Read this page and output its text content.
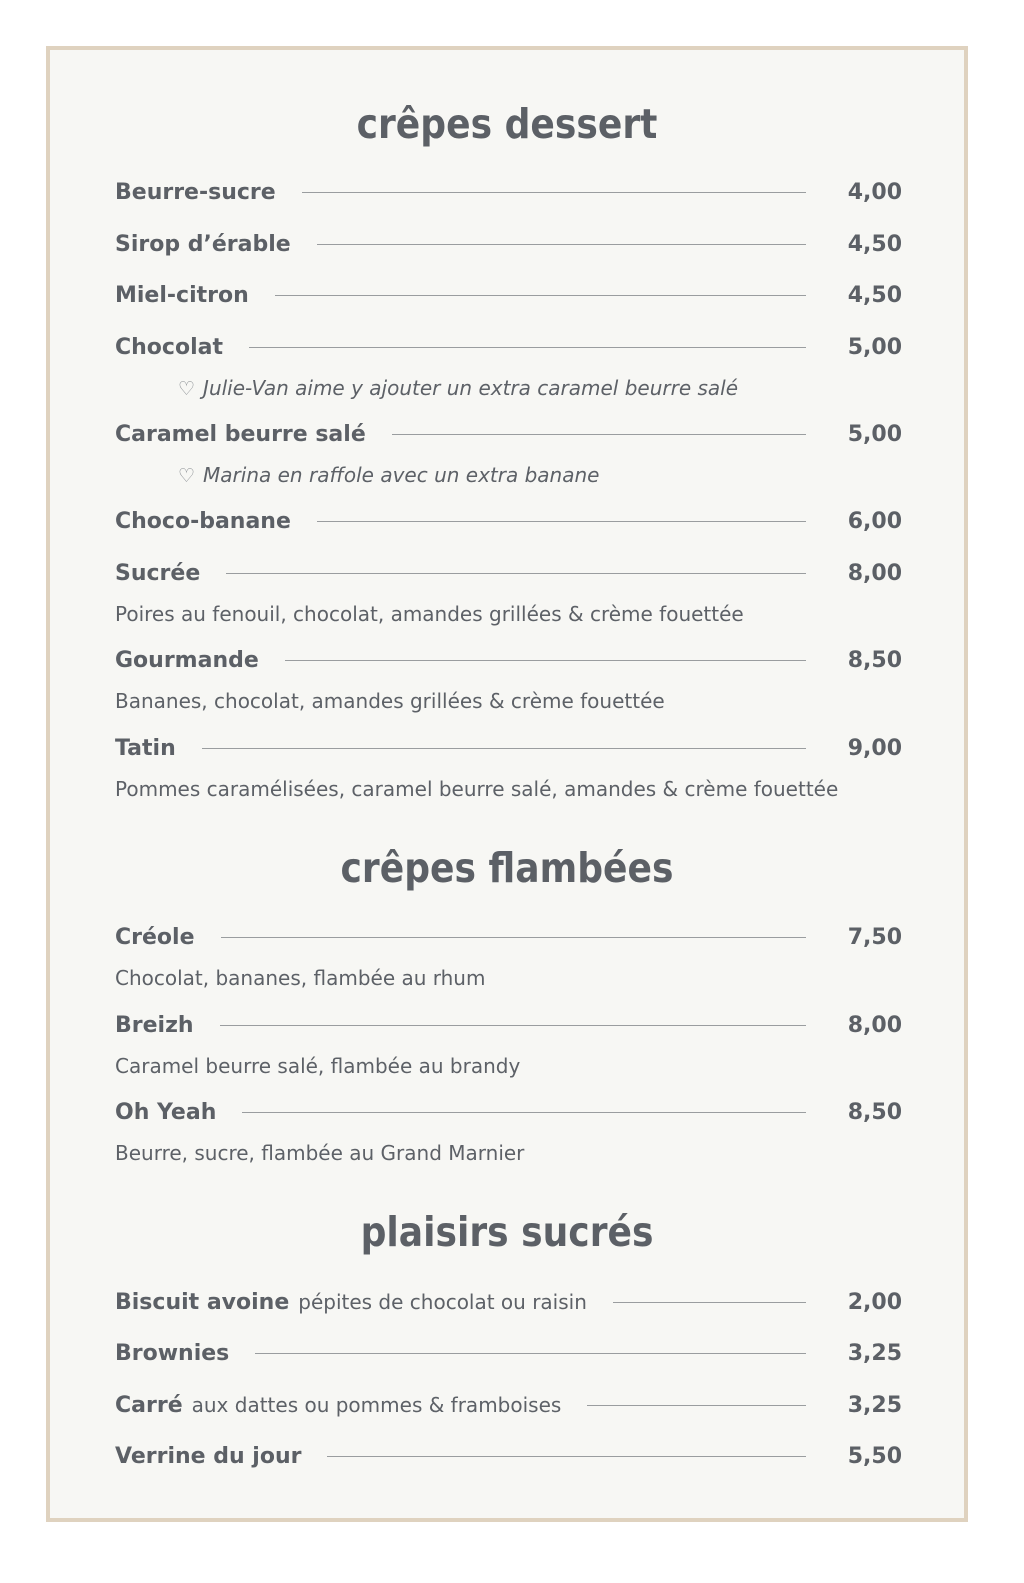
crêpes dessert
Beurre-sucre	4,00
Sirop d’érable	4,50
Miel-citron	4,50
Chocolat	5,00
♡ Julie-Van aime y ajouter un extra caramel beurre salé
Caramel beurre salé	5,00
♡ Marina en raffole avec un extra banane
Choco-banane	6,00
Sucrée	8,00
Poires au fenouil, chocolat, amandes grillées & crème fouettée
Gourmande	8,50
Bananes, chocolat, amandes grillées & crème fouettée
Tatin	9,00
Pommes caramélisées, caramel beurre salé, amandes & crème fouettée
crêpes flambées
Créole	7,50
Chocolat, bananes, flambée au rhum
Breizh	8,00
Caramel beurre salé, flambée au brandy
Oh Yeah	8,50
Beurre, sucre, flambée au Grand Marnier
plaisirs sucrés
Biscuit avoine pépites de chocolat ou raisin	2,00
Brownies	3,25
Carré aux dattes ou pommes & framboises	3,25
Verrine du jour	5,50
